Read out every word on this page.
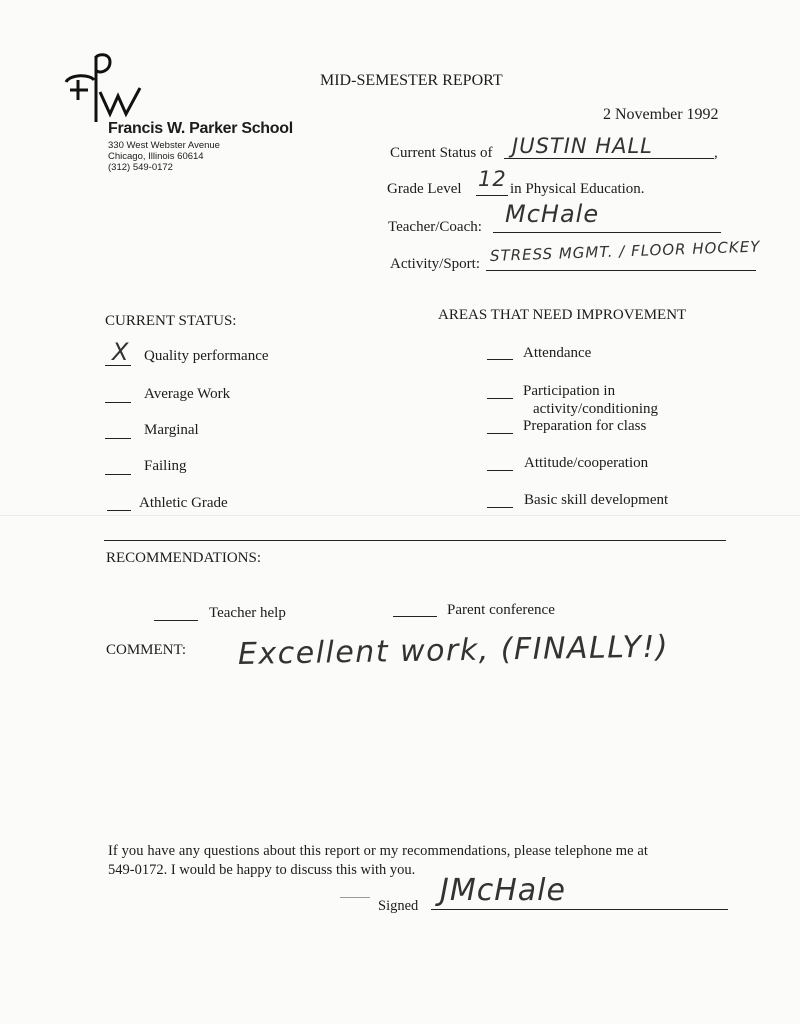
Francis W. Parker School
330 West Webster Avenue
Chicago, Illinois 60614
(312) 549-0172
MID-SEMESTER REPORT
2 November 1992
Current Status of JUSTIN HALL	,
Grade Level 12 in Physical Education.
Teacher/Coach: McHale
Activity/Sport: STRESS MGMT. / FLOOR HOCKEY
CURRENT STATUS:
X Quality performance
Average Work
Marginal
Failing
Athletic Grade
AREAS THAT NEED IMPROVEMENT
Attendance
Participation in
activity/conditioning
Preparation for class
Attitude/cooperation
Basic skill development
RECOMMENDATIONS:
Teacher help	Parent conference
COMMENT: Excellent work, (FINALLY!)
If you have any questions about this report or my recommendations, please telephone me at
549-0172. I would be happy to discuss this with you.
Signed JMcHale
